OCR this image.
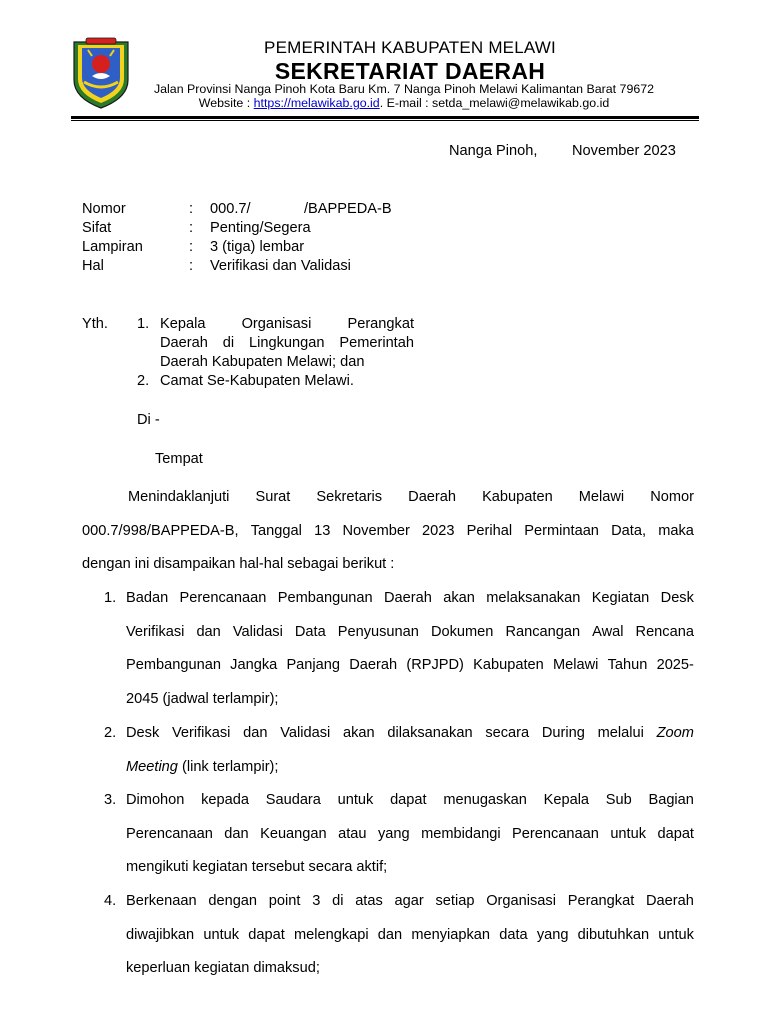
PEMERINTAH KABUPATEN MELAWI
SEKRETARIAT DAERAH
Jalan Provinsi Nanga Pinoh Kota Baru Km. 7 Nanga Pinoh Melawi Kalimantan Barat 79672
Website : https://melawikab.go.id. E-mail : setda_melawi@melawikab.go.id
Nanga Pinoh, November 2023
Nomor	: 000.7/	/BAPPEDA-B
Sifat	: Penting/Segera
Lampiran	: 3 (tiga) lembar
Hal	: Verifikasi dan Validasi
Yth. 1. Kepala Organisasi Perangkat
Daerah di Lingkungan Pemerintah
Daerah Kabupaten Melawi; dan
2. Camat Se-Kabupaten Melawi.
Di -
Tempat
Menindaklanjuti Surat Sekretaris Daerah Kabupaten Melawi Nomor
000.7/998/BAPPEDA-B, Tanggal 13 November 2023 Perihal Permintaan Data, maka
dengan ini disampaikan hal-hal sebagai berikut :
1. Badan Perencanaan Pembangunan Daerah akan melaksanakan Kegiatan Desk
Verifikasi dan Validasi Data Penyusunan Dokumen Rancangan Awal Rencana
Pembangunan Jangka Panjang Daerah (RPJPD) Kabupaten Melawi Tahun 2025-
2045 (jadwal terlampir);
2. Desk Verifikasi dan Validasi akan dilaksanakan secara During melalui Zoom
Meeting (link terlampir);
3. Dimohon kepada Saudara untuk dapat menugaskan Kepala Sub Bagian
Perencanaan dan Keuangan atau yang membidangi Perencanaan untuk dapat
mengikuti kegiatan tersebut secara aktif;
4. Berkenaan dengan point 3 di atas agar setiap Organisasi Perangkat Daerah
diwajibkan untuk dapat melengkapi dan menyiapkan data yang dibutuhkan untuk
keperluan kegiatan dimaksud;
